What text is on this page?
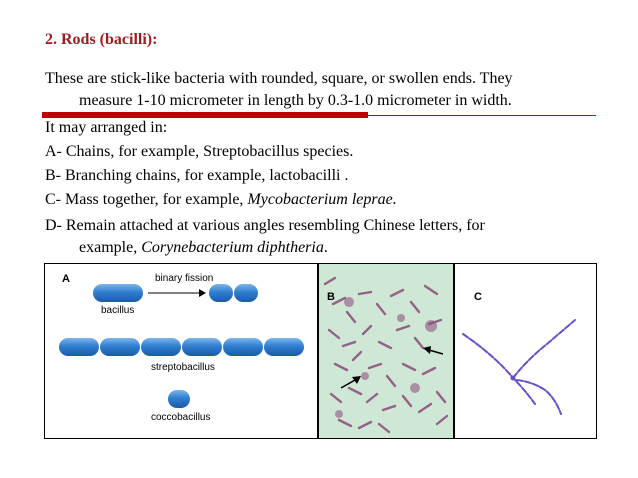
2. Rods (bacilli):
These are stick-like bacteria with rounded, square, or swollen ends. They
measure 1-10 micrometer in length by 0.3-1.0 micrometer in width.
It may arranged in:
A- Chains, for example, Streptobacillus species.
B- Branching chains, for example, lactobacilli .
C- Mass together, for example, Mycobacterium leprae.
D- Remain attached at various angles resembling Chinese letters, for
example, Corynebacterium diphtheria.
A	binary fission
bacillus
streptobacillus
coccobacillus
B	C
